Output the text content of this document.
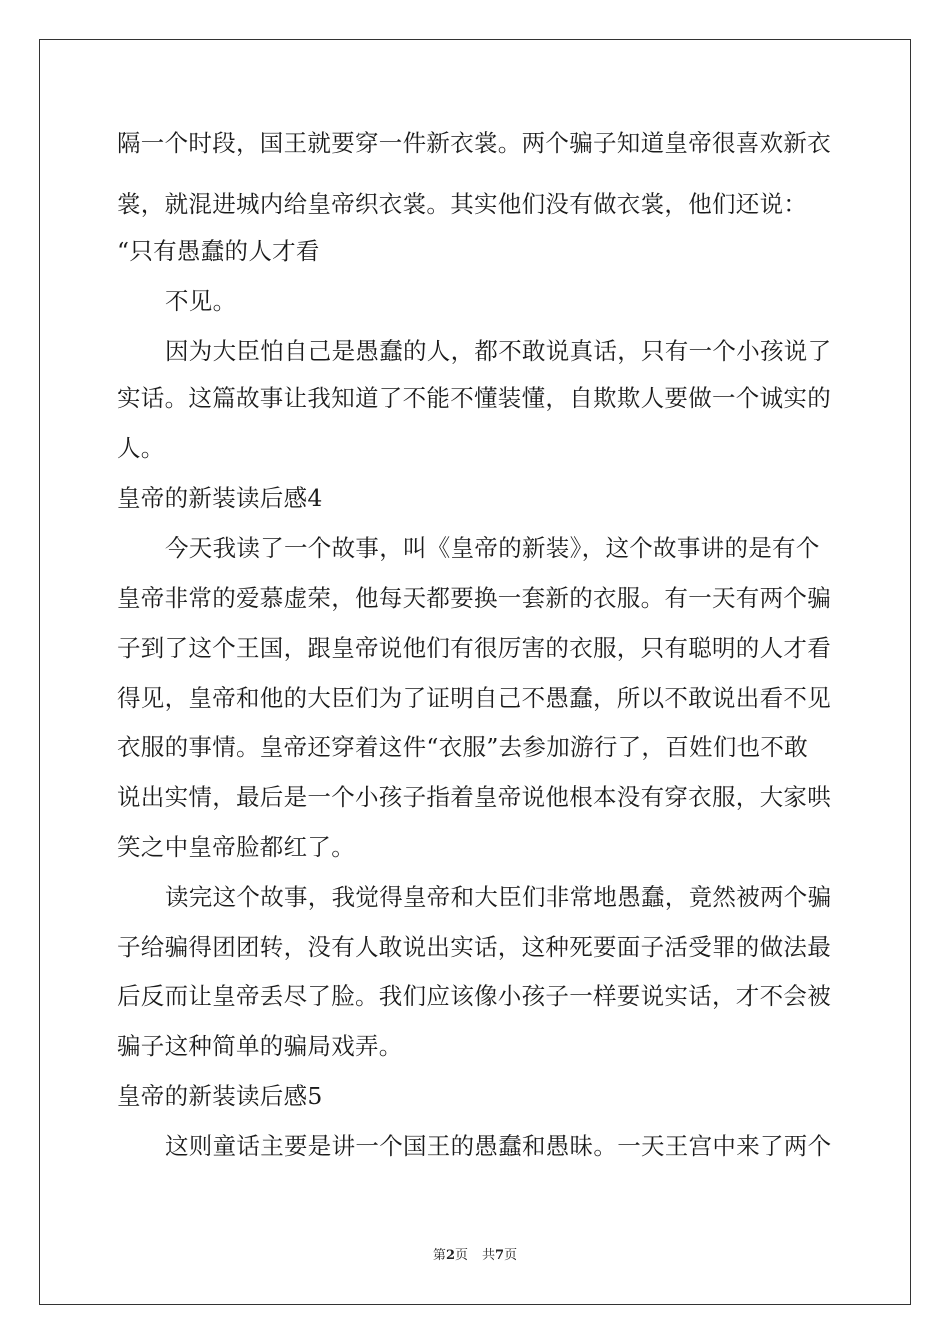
隔一个时段，国王就要穿一件新衣裳。两个骗子知道皇帝很喜欢新衣
裳，就混进城内给皇帝织衣裳。其实他们没有做衣裳，他们还说：
“只有愚蠢的人才看
不见。
因为大臣怕自己是愚蠢的人，都不敢说真话，只有一个小孩说了
实话。这篇故事让我知道了不能不懂装懂，自欺欺人要做一个诚实的
人。
皇帝的新装读后感4
今天我读了一个故事，叫《皇帝的新装》，这个故事讲的是有个
皇帝非常的爱慕虚荣，他每天都要换一套新的衣服。有一天有两个骗
子到了这个王国，跟皇帝说他们有很厉害的衣服，只有聪明的人才看
得见，皇帝和他的大臣们为了证明自己不愚蠢，所以不敢说出看不见
衣服的事情。皇帝还穿着这件“衣服”去参加游行了，百姓们也不敢
说出实情，最后是一个小孩子指着皇帝说他根本没有穿衣服，大家哄
笑之中皇帝脸都红了。
读完这个故事，我觉得皇帝和大臣们非常地愚蠢，竟然被两个骗
子给骗得团团转，没有人敢说出实话，这种死要面子活受罪的做法最
后反而让皇帝丢尽了脸。我们应该像小孩子一样要说实话，才不会被
骗子这种简单的骗局戏弄。
皇帝的新装读后感5
这则童话主要是讲一个国王的愚蠢和愚昧。一天王宫中来了两个
第2页 共7页
